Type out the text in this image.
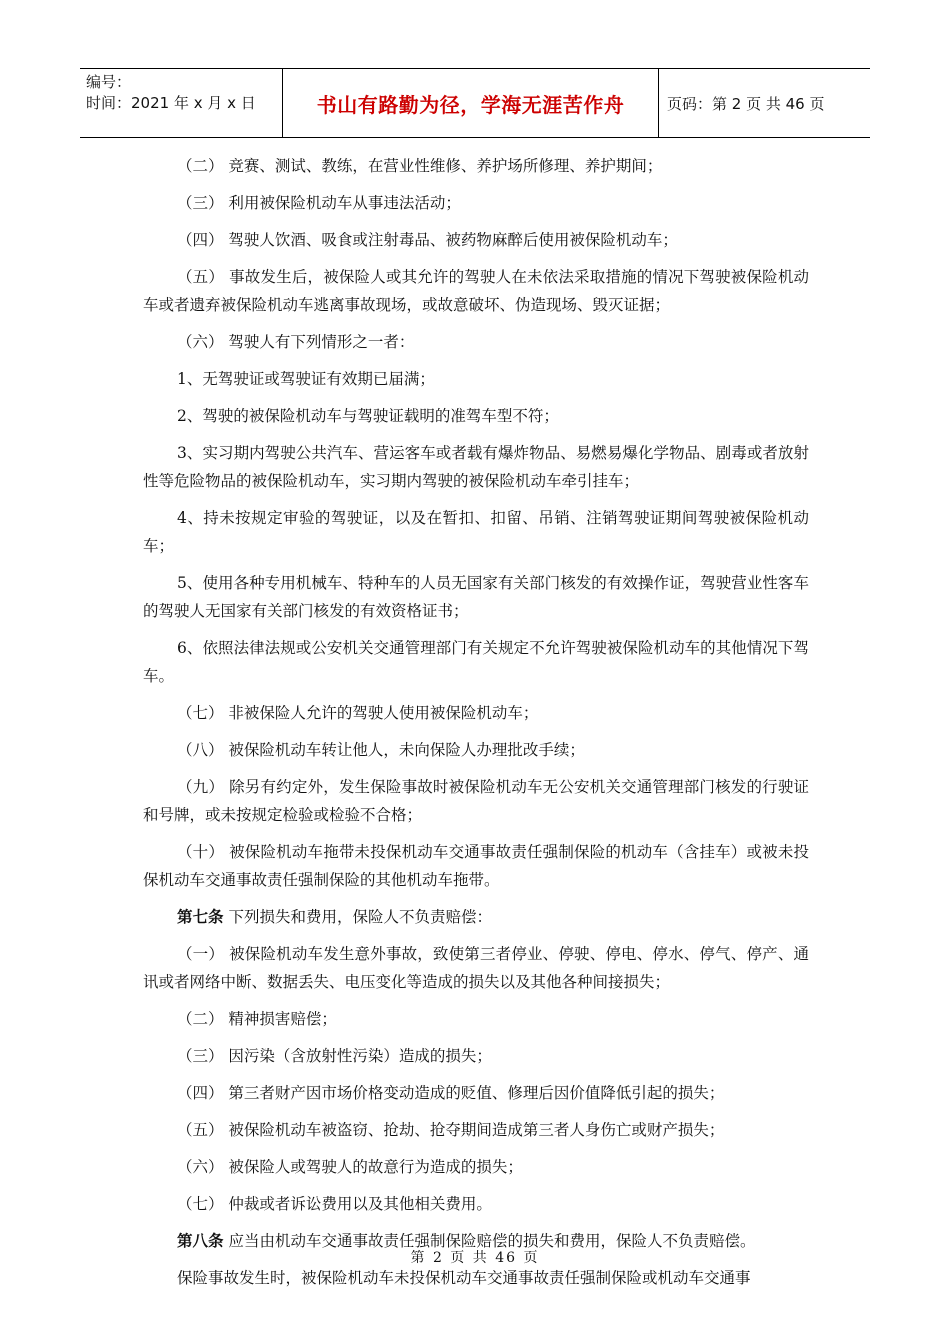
编号：
时间：2021 年 x 月 x 日	书山有路勤为径，学海无涯苦作舟	页码：第 2 页 共 46 页

（二） 竞赛、测试、教练，在营业性维修、养护场所修理、养护期间；

（三） 利用被保险机动车从事违法活动；

（四） 驾驶人饮酒、吸食或注射毒品、被药物麻醉后使用被保险机动车；

（五） 事故发生后，被保险人或其允许的驾驶人在未依法采取措施的情况下驾驶被保险机动车或者遗弃被保险机动车逃离事故现场，或故意破坏、伪造现场、毁灭证据；

（六） 驾驶人有下列情形之一者：

1、无驾驶证或驾驶证有效期已届满；

2、驾驶的被保险机动车与驾驶证载明的准驾车型不符；

3、实习期内驾驶公共汽车、营运客车或者载有爆炸物品、易燃易爆化学物品、剧毒或者放射性等危险物品的被保险机动车，实习期内驾驶的被保险机动车牵引挂车；

4、持未按规定审验的驾驶证，以及在暂扣、扣留、吊销、注销驾驶证期间驾驶被保险机动车；

5、使用各种专用机械车、特种车的人员无国家有关部门核发的有效操作证，驾驶营业性客车的驾驶人无国家有关部门核发的有效资格证书；

6、依照法律法规或公安机关交通管理部门有关规定不允许驾驶被保险机动车的其他情况下驾车。

（七） 非被保险人允许的驾驶人使用被保险机动车；

（八） 被保险机动车转让他人，未向保险人办理批改手续；

（九） 除另有约定外，发生保险事故时被保险机动车无公安机关交通管理部门核发的行驶证和号牌，或未按规定检验或检验不合格；

（十） 被保险机动车拖带未投保机动车交通事故责任强制保险的机动车（含挂车）或被未投保机动车交通事故责任强制保险的其他机动车拖带。

第七条 下列损失和费用，保险人不负责赔偿：

（一） 被保险机动车发生意外事故，致使第三者停业、停驶、停电、停水、停气、停产、通讯或者网络中断、数据丢失、电压变化等造成的损失以及其他各种间接损失；

（二） 精神损害赔偿；

（三） 因污染（含放射性污染）造成的损失；

（四） 第三者财产因市场价格变动造成的贬值、修理后因价值降低引起的损失；

（五） 被保险机动车被盗窃、抢劫、抢夺期间造成第三者人身伤亡或财产损失；

（六） 被保险人或驾驶人的故意行为造成的损失；

（七） 仲裁或者诉讼费用以及其他相关费用。

第八条 应当由机动车交通事故责任强制保险赔偿的损失和费用，保险人不负责赔偿。

保险事故发生时，被保险机动车未投保机动车交通事故责任强制保险或机动车交通事

第 2 页 共 46 页
